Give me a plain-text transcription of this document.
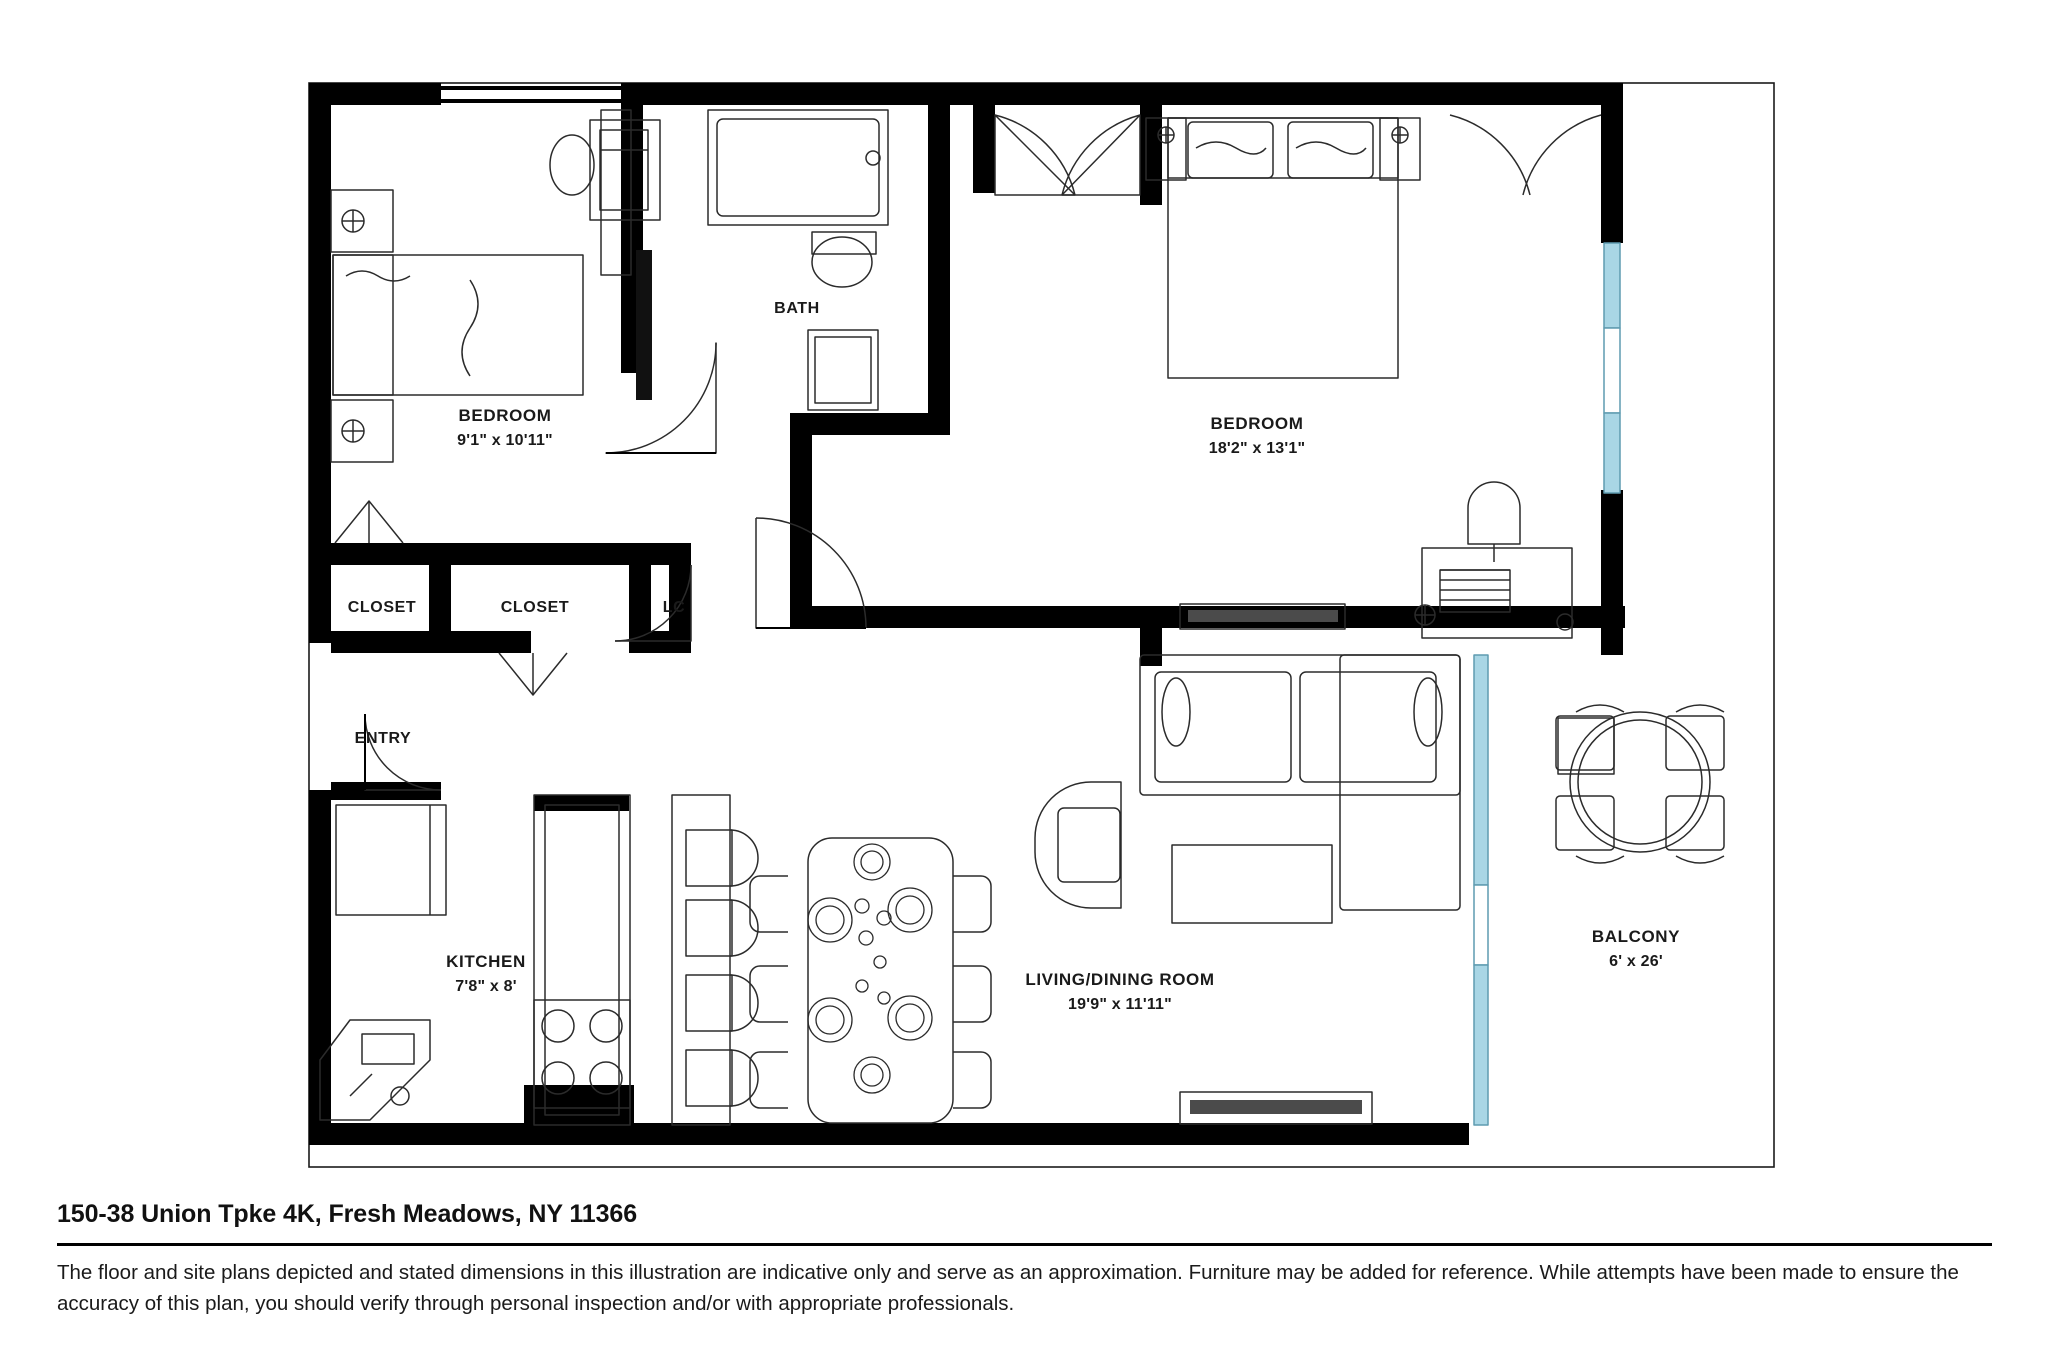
BEDROOM
9'1" x 10'11"
BATH
BEDROOM
18'2" x 13'1"
CLOSET	CLOSET	LC
ENTRY
KITCHEN
7'8" x 8'	LIVING/DINING ROOM
19'9" x 11'11"
BALCONY
6' x 26'
150-38 Union Tpke 4K, Fresh Meadows, NY 11366
The floor and site plans depicted and stated dimensions in this illustration are indicative only and serve as an approximation. Furniture may be added for reference. While attempts have been made to ensure the accuracy of this plan, you should verify through personal inspection and/or with appropriate professionals.
